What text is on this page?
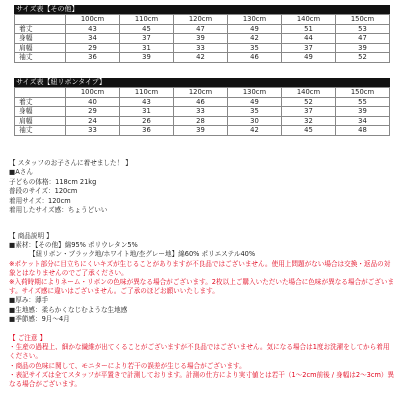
サイズ表【その他】
	100cm	110cm	120cm	130cm	140cm	150cm
着丈	43	45	47	49	51	53
身幅	34	37	39	42	44	47
肩幅	29	31	33	35	37	39
袖丈	36	39	42	46	49	52
サイズ表【紐リボンタイプ】
	100cm	110cm	120cm	130cm	140cm	150cm
着丈	40	43	46	49	52	55
身幅	29	31	33	35	37	39
肩幅	24	26	28	30	32	34
袖丈	33	36	39	42	45	48
【 スタッフのお子さんに着せました！ 】
■Aさん
子どもの体格：118cm 21kg
普段のサイズ：120cm
着用サイズ：120cm
着用したサイズ感：ちょうどいい
【 商品説明 】
■素材：【その他】綿95% ポリウレタン5%
【紐リボン・ブラック地/ホワイト地/杢グレー地】綿60% ポリエステル40%
※ポケット部分に目立ちにくいキズが生じることがありますが不良品ではございません。使用上問題がない場合は交換・返品の対象とはなりませんのでご了承ください。
※入荷時期によりネーム・リボンの色味が異なる場合がございます。2枚以上ご購入いただいた場合に色味が異なる場合がございます。サイズ感に違いはございません。ご了承のほどお願いいたします。
■厚み：薄手
■生地感：柔らかくなじむような生地感
■季節感：9月〜4月
【 ご注意 】
・生産の過程上、細かな繊維が出てくることがございますが不良品ではございません。気になる場合は1度お洗濯をしてから着用ください。
・商品の色味に関して、モニターにより若干の誤差が生じる場合がございます。
・表記サイズは全てスタッフが平置きで計測しております。計測の仕方により実寸値とは若干（1〜2cm前後 / 身幅は2〜3cm）異なる場合がございます。
